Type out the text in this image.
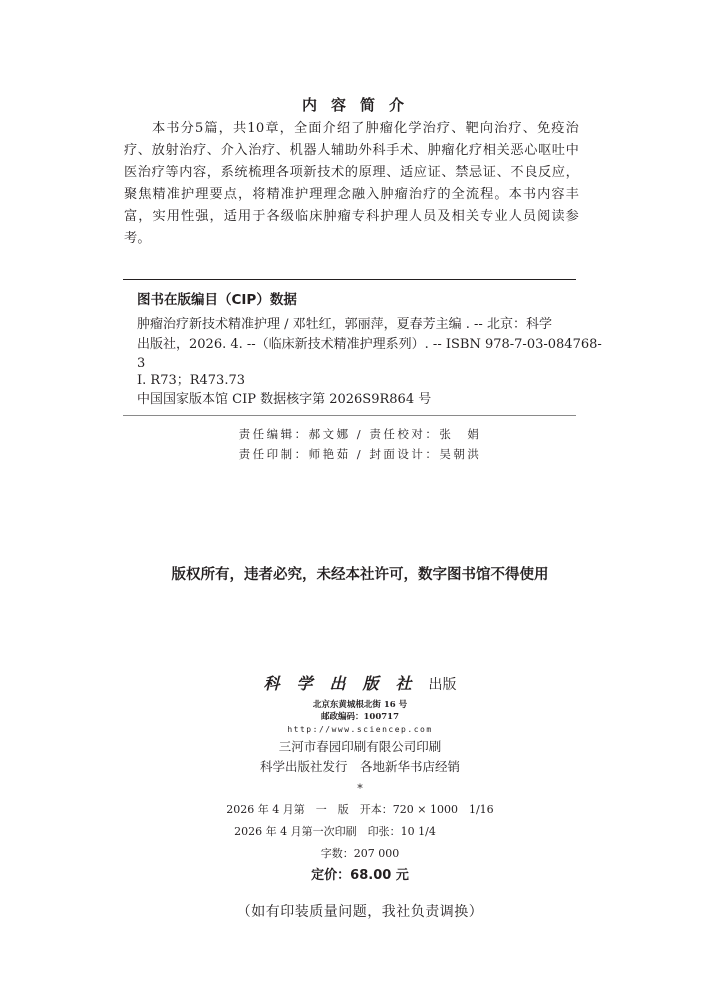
内容简介
本书分5篇，共10章，全面介绍了肿瘤化学治疗、靶向治疗、免疫治疗、放射治疗、介入治疗、机器人辅助外科手术、肿瘤化疗相关恶心呕吐中医治疗等内容，系统梳理各项新技术的原理、适应证、禁忌证、不良反应，聚焦精准护理要点，将精准护理理念融入肿瘤治疗的全流程。本书内容丰富，实用性强，适用于各级临床肿瘤专科护理人员及相关专业人员阅读参考。
图书在版编目（CIP）数据
肿瘤治疗新技术精准护理 / 邓牡红，郭丽萍，夏春芳主编 . -- 北京：科学
出版社，2026. 4. --（临床新技术精准护理系列）. -- ISBN 978-7-03-084768-
3
Ⅰ. R73；R473.73
中国国家版本馆 CIP 数据核字第 2026S9R864 号
责任编辑：郝文娜 / 责任校对：张　娟
责任印制：师艳茹 / 封面设计：吴朝洪
版权所有，违者必究，未经本社许可，数字图书馆不得使用
科学出版社出版
北京东黄城根北街 16 号
邮政编码：100717
http://www.sciencep.com
三河市春园印刷有限公司印刷
科学出版社发行　各地新华书店经销
*
2026 年 4 月第　一　版　开本：720 × 1000　1/16
2026 年 4 月第一次印刷　印张：10 1/4
字数：207 000
定价：68.00 元
（如有印装质量问题，我社负责调换）
